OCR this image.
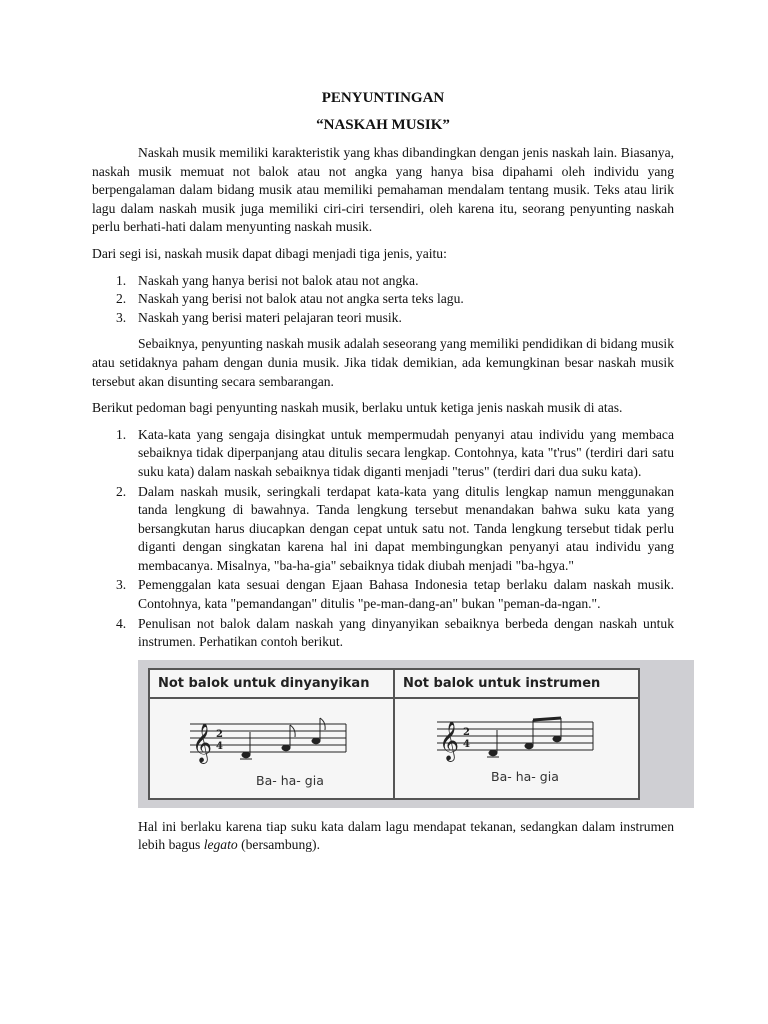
PENYUNTINGAN
“NASKAH MUSIK”

Naskah musik memiliki karakteristik yang khas dibandingkan dengan jenis naskah lain. Biasanya, naskah musik memuat not balok atau not angka yang hanya bisa dipahami oleh individu yang berpengalaman dalam bidang musik atau memiliki pemahaman mendalam tentang musik. Teks atau lirik lagu dalam naskah musik juga memiliki ciri-ciri tersendiri, oleh karena itu, seorang penyunting naskah perlu berhati-hati dalam menyunting naskah musik.

Dari segi isi, naskah musik dapat dibagi menjadi tiga jenis, yaitu:

1. Naskah yang hanya berisi not balok atau not angka.
2. Naskah yang berisi not balok atau not angka serta teks lagu.
3. Naskah yang berisi materi pelajaran teori musik.

Sebaiknya, penyunting naskah musik adalah seseorang yang memiliki pendidikan di bidang musik atau setidaknya paham dengan dunia musik. Jika tidak demikian, ada kemungkinan besar naskah musik tersebut akan disunting secara sembarangan.

Berikut pedoman bagi penyunting naskah musik, berlaku untuk ketiga jenis naskah musik di atas.

1. Kata-kata yang sengaja disingkat untuk mempermudah penyanyi atau individu yang membaca sebaiknya tidak diperpanjang atau ditulis secara lengkap. Contohnya, kata "t'rus" (terdiri dari satu suku kata) dalam naskah sebaiknya tidak diganti menjadi "terus" (terdiri dari dua suku kata).
2. Dalam naskah musik, seringkali terdapat kata-kata yang ditulis lengkap namun menggunakan tanda lengkung di bawahnya. Tanda lengkung tersebut menandakan bahwa suku kata yang bersangkutan harus diucapkan dengan cepat untuk satu not. Tanda lengkung tersebut tidak perlu diganti dengan singkatan karena hal ini dapat membingungkan penyanyi atau individu yang membacanya. Misalnya, "ba-ha-gia" sebaiknya tidak diubah menjadi "ba-hgya."
3. Pemenggalan kata sesuai dengan Ejaan Bahasa Indonesia tetap berlaku dalam naskah musik. Contohnya, kata "pemandangan" ditulis "pe-man-dang-an" bukan "peman-da-ngan.".
4. Penulisan not balok dalam naskah yang dinyanyikan sebaiknya berbeda dengan naskah untuk instrumen. Perhatikan contoh berikut.
Not balok untuk dinyanyikan
𝄞 2
4
Ba- ha- gia
Not balok untuk instrumen
𝄞 2
4
Ba- ha- gia

Hal ini berlaku karena tiap suku kata dalam lagu mendapat tekanan, sedangkan dalam instrumen lebih bagus legato (bersambung).
